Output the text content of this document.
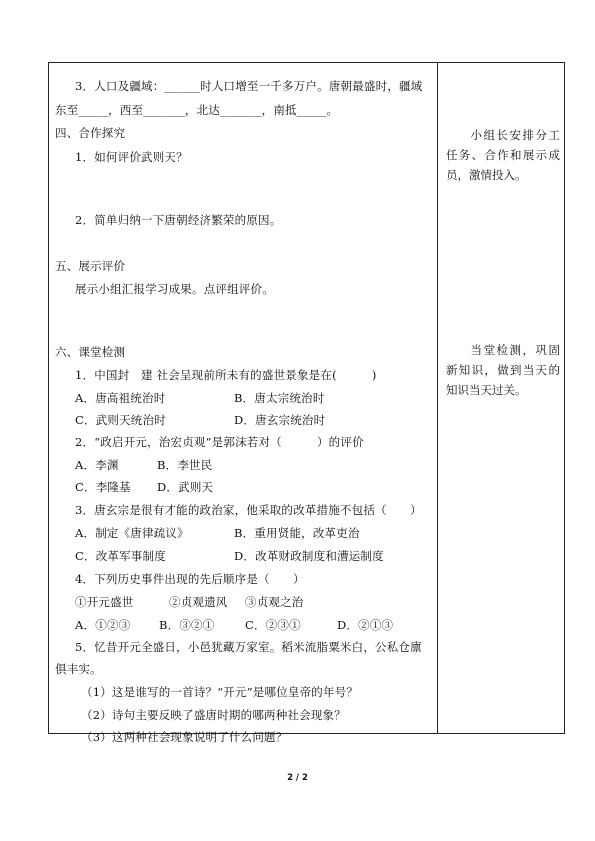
3．人口及疆域：______时人口增至一千多万户。唐朝最盛时，疆域
东至_____，西至_______，北达_______，南抵_____。
四、合作探究
1．如何评价武则天？
2．简单归纳一下唐朝经济繁荣的原因。
五、展示评价
展示小组汇报学习成果。点评组评价。
六、课堂检测
1．中国封　建 社会呈现前所未有的盛世景象是在(　　　)
A．唐高祖统治时	B．唐太宗统治时
C．武则天统治时	D．唐玄宗统治时
2．“政启开元，治宏贞观”是郭沫若对（　　　）的评价
A．李渊	B．李世民
C．李隆基 D．武则天
3．唐玄宗是很有才能的政治家，他采取的改革措施不包括（　　）
A．制定《唐律疏议》	B．重用贤能，改革吏治
C．改革军事制度	D．改革财政制度和漕运制度
4．下列历史事件出现的先后顺序是（　　）
①开元盛世	②贞观遗风 ③贞观之治
A．①②③ B．③②①	C．②③①	D．②①③
5．忆昔开元全盛日，小邑犹藏万家室。稻米流脂粟米白，公私仓廪
俱丰实。
（1）这是谁写的一首诗？“开元”是哪位皇帝的年号？
（2）诗句主要反映了盛唐时期的哪两种社会现象？
（3）这两种社会现象说明了什么问题？
小组长安排分工任务、合作和展示成员，激情投入。
当堂检测，巩固新知识，做到当天的知识当天过关。
2 / 2
